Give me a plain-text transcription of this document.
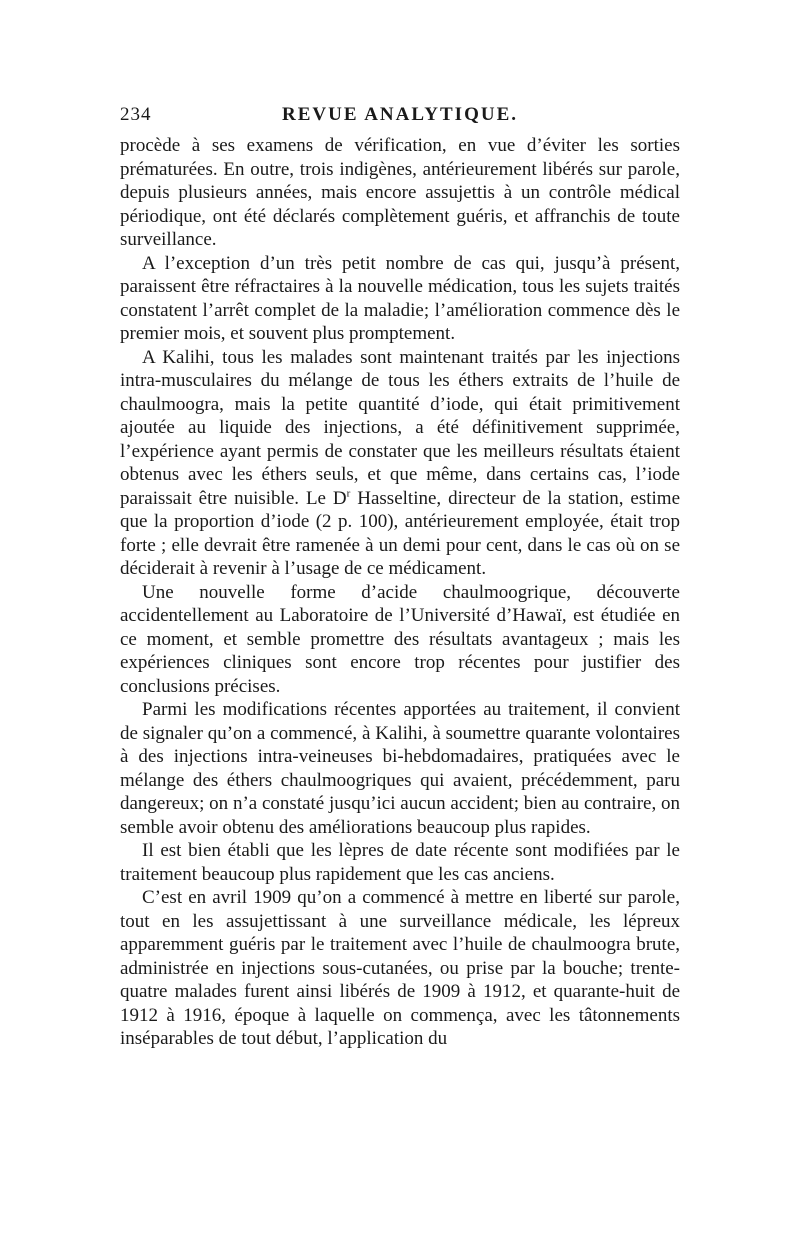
234	REVUE ANALYTIQUE.

procède à ses examens de vérification, en vue d’éviter les sorties prématurées. En outre, trois indigènes, antérieurement libérés sur parole, depuis plusieurs années, mais encore assujettis à un contrôle médical périodique, ont été déclarés complètement guéris, et affranchis de toute surveillance.

A l’exception d’un très petit nombre de cas qui, jusqu’à présent, paraissent être réfractaires à la nouvelle médication, tous les sujets traités constatent l’arrêt complet de la maladie; l’amélioration commence dès le premier mois, et souvent plus promptement.

A Kalihi, tous les malades sont maintenant traités par les injections intra-musculaires du mélange de tous les éthers extraits de l’huile de chaulmoogra, mais la petite quantité d’iode, qui était primitivement ajoutée au liquide des injections, a été définitivement supprimée, l’expérience ayant permis de constater que les meilleurs résultats étaient obtenus avec les éthers seuls, et que même, dans certains cas, l’iode paraissait être nuisible. Le $D^r$ Hasseltine, directeur de la station, estime que la proportion d’iode (2 p. 100), antérieurement employée, était trop forte ; elle devrait être ramenée à un demi pour cent, dans le cas où on se déciderait à revenir à l’usage de ce médicament.

Une nouvelle forme d’acide chaulmoogrique, découverte accidentellement au Laboratoire de l’Université d’Hawaï, est étudiée en ce moment, et semble promettre des résultats avantageux ; mais les expériences cliniques sont encore trop récentes pour justifier des conclusions précises.

Parmi les modifications récentes apportées au traitement, il convient de signaler qu’on a commencé, à Kalihi, à soumettre quarante volontaires à des injections intra-veineuses bi-hebdomadaires, pratiquées avec le mélange des éthers chaulmoogriques qui avaient, précédemment, paru dangereux; on n’a constaté jusqu’ici aucun accident; bien au contraire, on semble avoir obtenu des améliorations beaucoup plus rapides.

Il est bien établi que les lèpres de date récente sont modifiées par le traitement beaucoup plus rapidement que les cas anciens.

C’est en avril 1909 qu’on a commencé à mettre en liberté sur parole, tout en les assujettissant à une surveillance médicale, les lépreux apparemment guéris par le traitement avec l’huile de chaulmoogra brute, administrée en injections sous-cutanées, ou prise par la bouche; trente-quatre malades furent ainsi libérés de 1909 à 1912, et quarante-huit de 1912 à 1916, époque à laquelle on commença, avec les tâtonnements inséparables de tout début, l’application du
